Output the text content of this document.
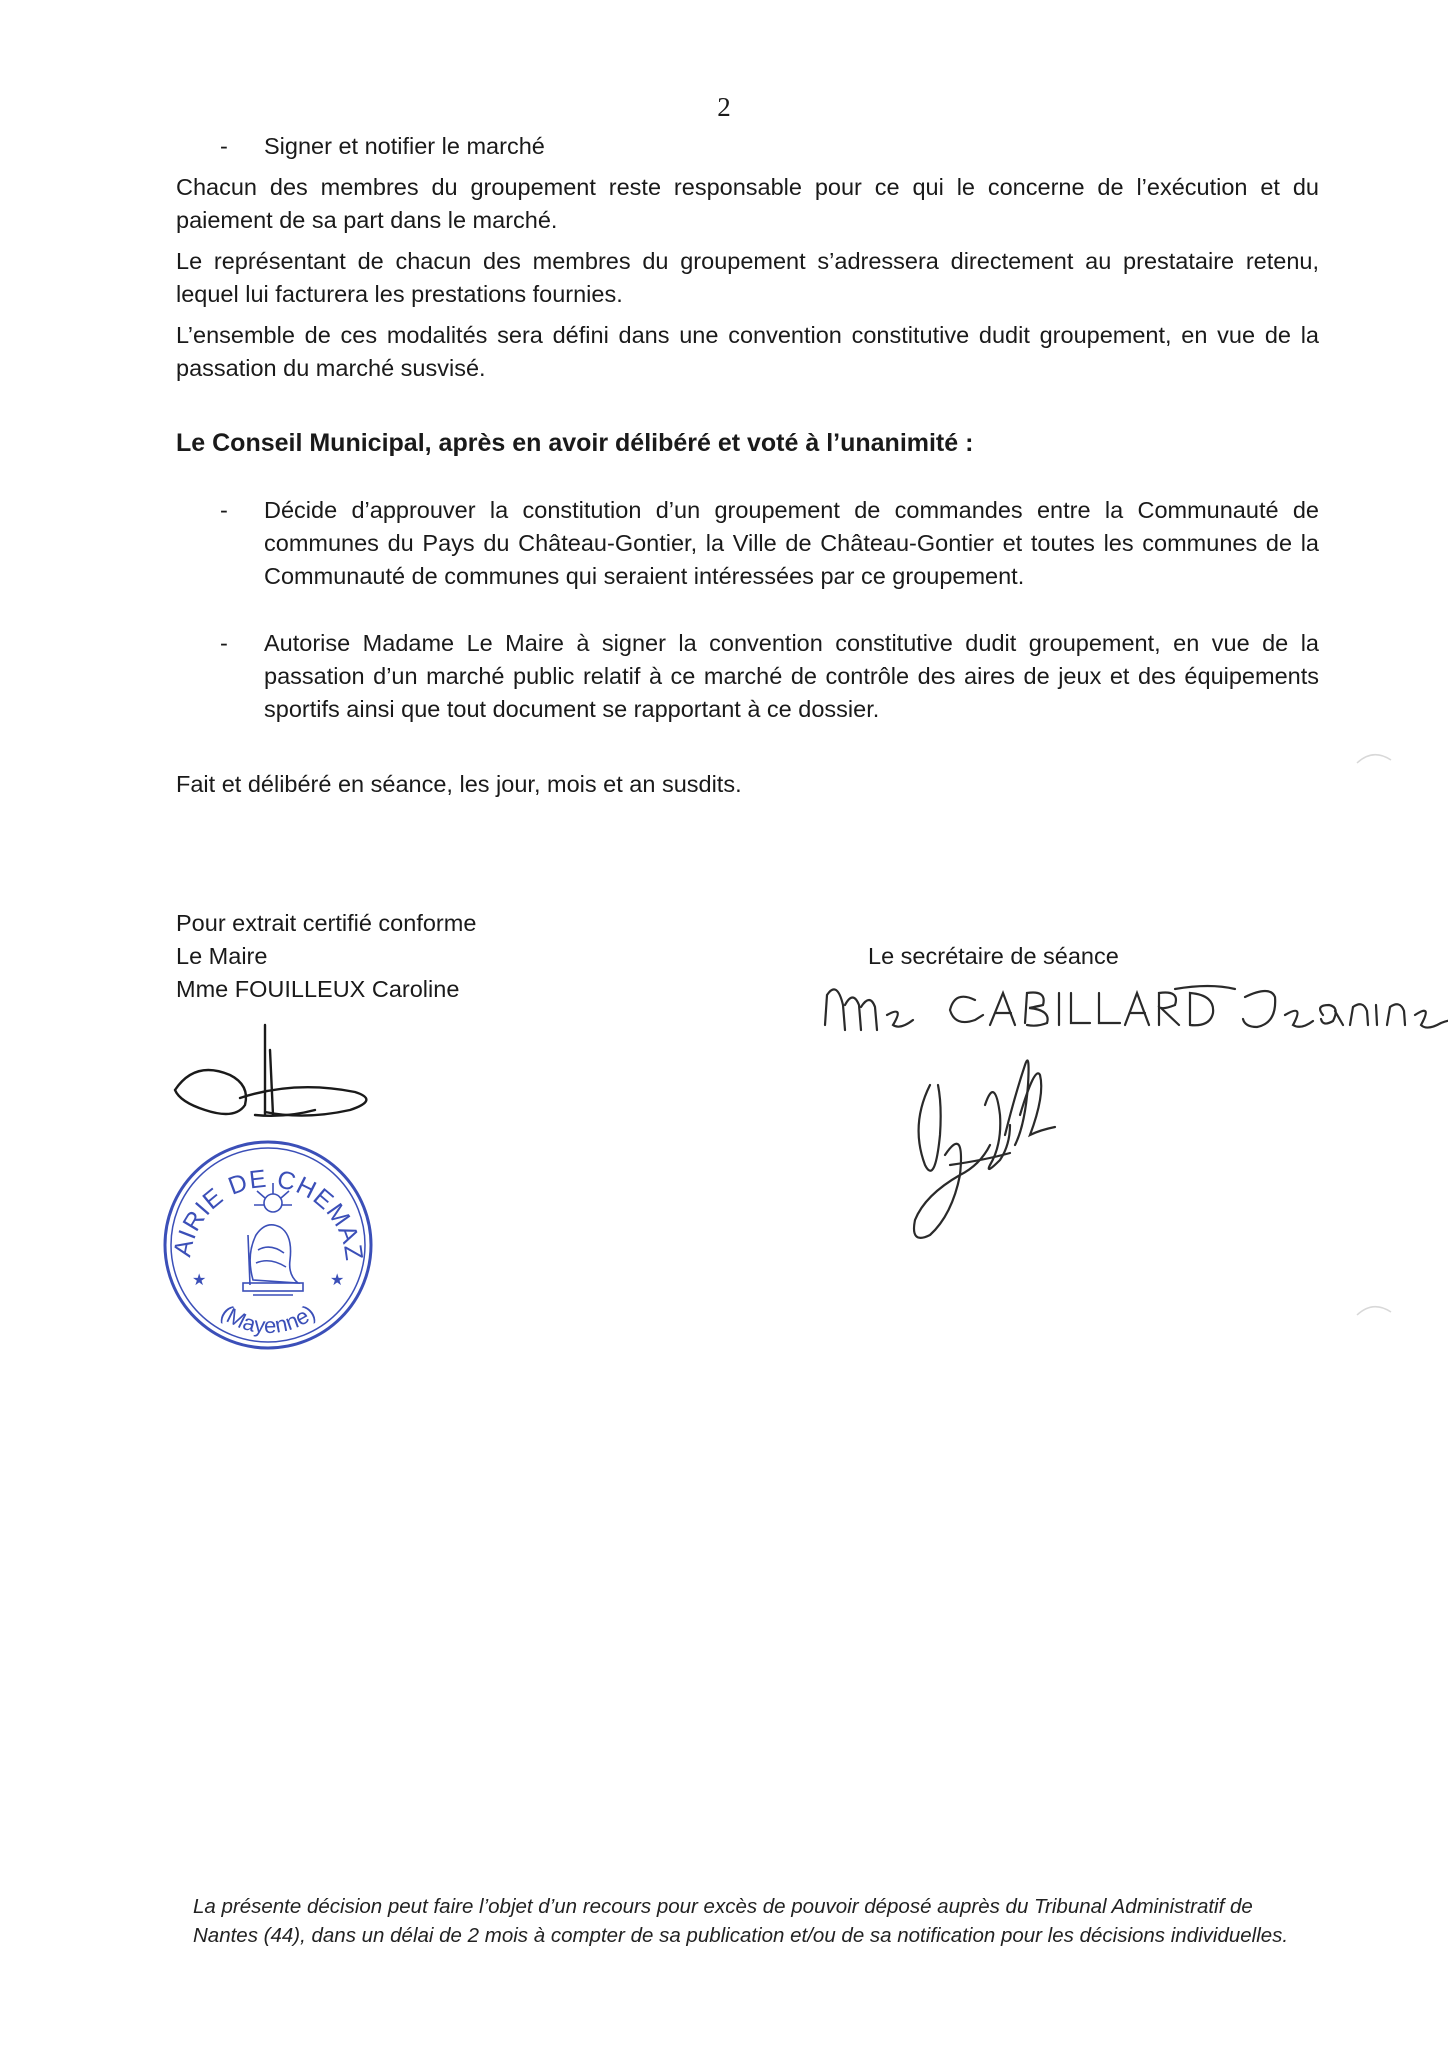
2
- Signer et notifier le marché

Chacun des membres du groupement reste responsable pour ce qui le concerne de l’exécution et du paiement de sa part dans le marché.

Le représentant de chacun des membres du groupement s’adressera directement au prestataire retenu, lequel lui facturera les prestations fournies.

L’ensemble de ces modalités sera défini dans une convention constitutive dudit groupement, en vue de la passation du marché susvisé.

Le Conseil Municipal, après en avoir délibéré et voté à l’unanimité :
- Décide d’approuver la constitution d’un groupement de commandes entre la Communauté de communes du Pays du Château-Gontier, la Ville de Château-Gontier et toutes les communes de la Communauté de communes qui seraient intéressées par ce groupement.
- Autorise Madame Le Maire à signer la convention constitutive dudit groupement, en vue de la passation d’un marché public relatif à ce marché de contrôle des aires de jeux et des équipements sportifs ainsi que tout document se rapportant à ce dossier.
Fait et délibéré en séance, les jour, mois et an susdits.
Pour extrait certifié conforme
Le Maire
Mme FOUILLEUX Caroline
Le secrétaire de séance
MAIRIE DE CHEMAZE
(Mayenne)
★	★
La présente décision peut faire l’objet d’un recours pour excès de pouvoir déposé auprès du Tribunal Administratif de Nantes (44), dans un délai de 2 mois à compter de sa publication et/ou de sa notification pour les décisions individuelles.
